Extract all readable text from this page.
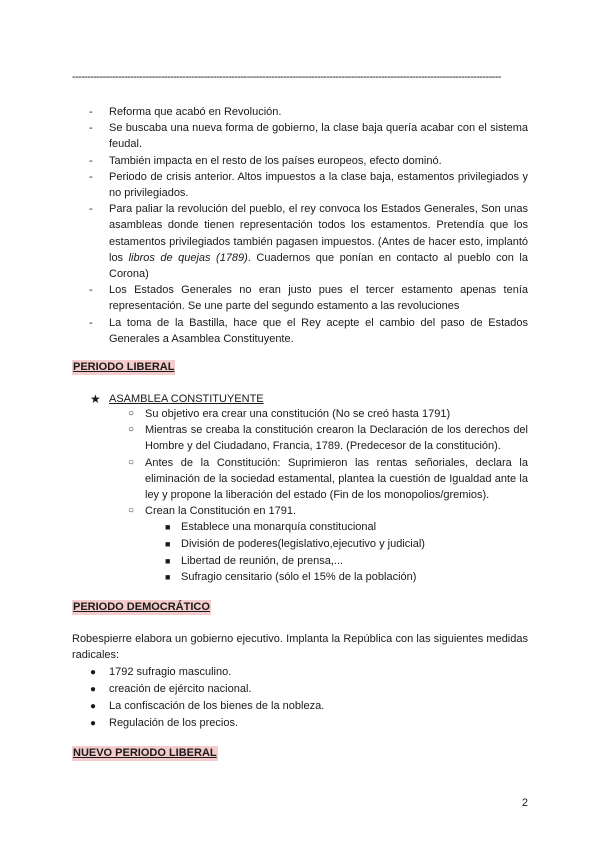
--------------------------------------------------------------------------------------------------------------------------------------------
- Reforma que acabó en Revolución.
- Se buscaba una nueva forma de gobierno, la clase baja quería acabar con el sistema feudal.
- También impacta en el resto de los países europeos, efecto dominó.
- Periodo de crisis anterior. Altos impuestos a la clase baja, estamentos privilegiados y no privilegiados.
- Para paliar la revolución del pueblo, el rey convoca los Estados Generales, Son unas asambleas donde tienen representación todos los estamentos. Pretendía que los estamentos privilegiados también pagasen impuestos. (Antes de hacer esto, implantó los libros de quejas (1789). Cuadernos que ponían en contacto al pueblo con la Corona)
- Los Estados Generales no eran justo pues el tercer estamento apenas tenía representación. Se une parte del segundo estamento a las revoluciones
- La toma de la Bastilla, hace que el Rey acepte el cambio del paso de Estados Generales a Asamblea Constituyente.
PERIODO LIBERAL
★ ASAMBLEA CONSTITUYENTE
○ Su objetivo era crear una constitución (No se creó hasta 1791)
○ Mientras se creaba la constitución crearon la Declaración de los derechos del Hombre y del Ciudadano, Francia, 1789. (Predecesor de la constitución).
○ Antes de la Constitución: Suprimieron las rentas señoriales, declara la eliminación de la sociedad estamental, plantea la cuestión de Igualdad ante la ley y propone la liberación del estado (Fin de los monopolios/gremios).
○ Crean la Constitución en 1791.
■ Establece una monarquía constitucional
■ División de poderes(legislativo,ejecutivo y judicial)
■ Libertad de reunión, de prensa,...
■ Sufragio censitario (sólo el 15% de la población)
PERIODO DEMOCRÁTICO
Robespierre elabora un gobierno ejecutivo. Implanta la República con las siguientes medidas radicales:
● 1792 sufragio masculino.
● creación de ejército nacional.
● La confiscación de los bienes de la nobleza.
● Regulación de los precios.
NUEVO PERIODO LIBERAL
2
